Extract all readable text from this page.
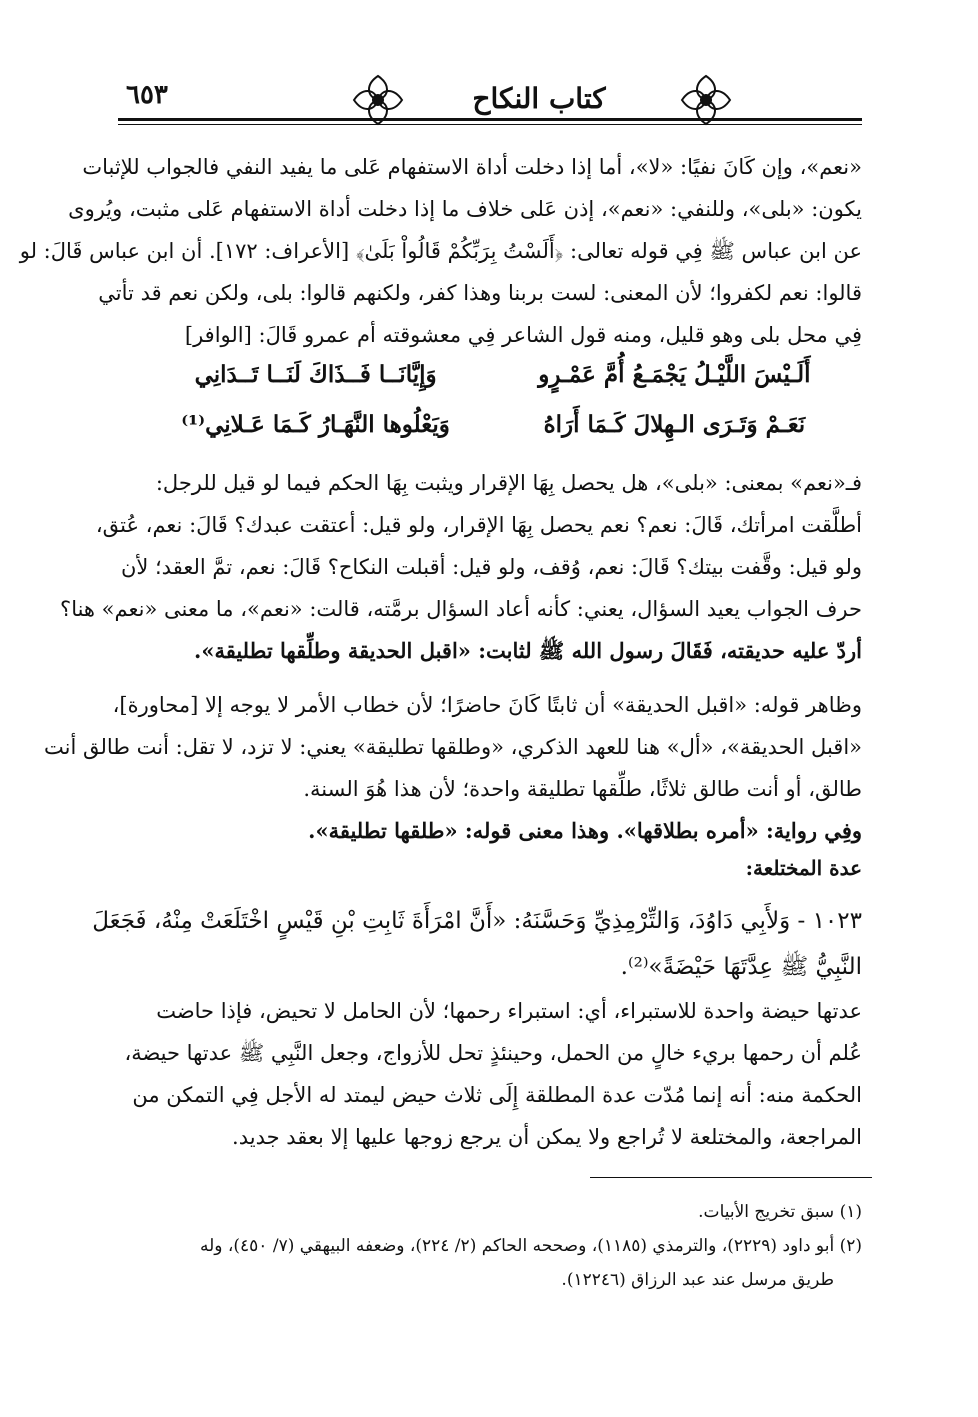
٦٥٣	كتاب النكاح
«نعم»، وإن كَانَ نفيًا: «لا»، أما إذا دخلت أداة الاستفهام عَلى ما يفيد النفي فالجواب للإثبات
يكون: «بلى»، وللنفي: «نعم»، إذن عَلى خلاف ما إذا دخلت أداة الاستفهام عَلى مثبت، ويُروى
عن ابن عباس ﷺ فِي قوله تعالى: ﴿أَلَسْتُ بِرَبِّكُمْ قَالُواْ بَلَىٰ﴾ [الأعراف: ١٧٢]. أن ابن عباس قَالَ: لو
قالوا: نعم لكفروا؛ لأن المعنى: لست بربنا وهذا كفر، ولكنهم قالوا: بلى، ولكن نعم قد تأتي
فِي محل بلى وهو قليل، ومنه قول الشاعر فِي معشوقته أم عمرو قَالَ: [الوافر]
أَلَـيْسَ اللَّيْـلُ يَجْمَـعُ أُمَّ عَمْـرٍو
وَإِيَّانَــا فَــذَاكَ لَنَــا تَــدَانِي
نَعَـمْ وَتَـرَى الـهِلالَ كَـمَا أَرَاهُ
وَيَعْلُوها النَّهَـارُ كَـمَا عَـلانِي⁽¹⁾
فـ«نعم» بمعنى: «بلى»، هل يحصل بِهَا الإقرار ويثبت بِهَا الحكم فيما لو قيل للرجل:
أطلَّقت امرأتك، قَالَ: نعم؟ نعم يحصل بِهَا الإقرار، ولو قيل: أعتقت عبدك؟ قَالَ: نعم، عُتق،
ولو قيل: وقَّفت بيتك؟ قَالَ: نعم، وُقف، ولو قيل: أقبلت النكاح؟ قَالَ: نعم، تمَّ العقد؛ لأن
حرف الجواب يعيد السؤال، يعني: كأنه أعاد السؤال برمَّته، قالت: «نعم»، ما معنى «نعم» هنا؟
أردّ عليه حديقته، فَقَالَ رسول الله ﷺ لثابت: «اقبل الحديقة وطلِّقها تطليقة».
وظاهر قوله: «اقبل الحديقة» أن ثابتًا كَانَ حاضرًا؛ لأن خطاب الأمر لا يوجه إلا [محاورة]،
«اقبل الحديقة»، «أل» هنا للعهد الذكري، «وطلقها تطليقة» يعني: لا تزد، لا تقل: أنت طالق أنت
طالق، أو أنت طالق ثلاثًا، طلِّقها تطليقة واحدة؛ لأن هذا هُوَ السنة.
وفِي رواية: «أمره بطلاقها». وهذا معنى قوله: «طلقها تطليقة».
عدة المختلعة:
١٠٢٣ - وَلأَبِي دَاوُدَ، وَالتِّرْمِذِيِّ وَحَسَّنَهُ: «أَنَّ امْرَأَةَ ثَابِتِ بْنِ قَيْسٍ اخْتَلَعَتْ مِنْهُ، فَجَعَلَ
النَّبِيُّ ﷺ عِدَّتَهَا حَيْضَةً»⁽²⁾.
عدتها حيضة واحدة للاستبراء، أي: استبراء رحمها؛ لأن الحامل لا تحيض، فإذا حاضت
عُلم أن رحمها بريء خالٍ من الحمل، وحينئذٍ تحل للأزواج، وجعل النَّبِي ﷺ عدتها حيضة،
الحكمة منه: أنه إنما مُدّت عدة المطلقة إِلَى ثلاث حيض ليمتد له الأجل فِي التمكن من
المراجعة، والمختلعة لا تُراجع ولا يمكن أن يرجع زوجها عليها إلا بعقد جديد.
(١) سبق تخريج الأبيات.
(٢) أبو داود (٢٢٢٩)، والترمذي (١١٨٥)، وصححه الحاكم (٢/ ٢٢٤)، وضعفه البيهقي (٧/ ٤٥٠)، وله
طريق مرسل عند عبد الرزاق (١٢٢٤٦).
